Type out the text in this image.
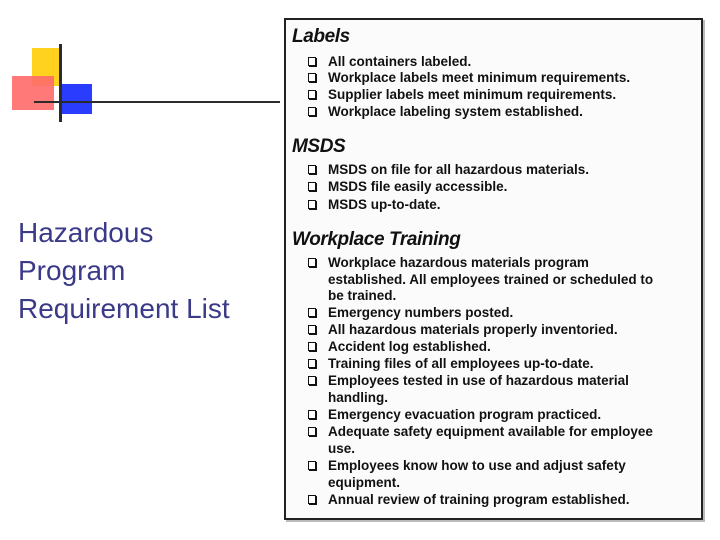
Hazardous
Program
Requirement List
Labels
All containers labeled.
Workplace labels meet minimum requirements.
Supplier labels meet minimum requirements.
Workplace labeling system established.
MSDS
MSDS on file for all hazardous materials.
MSDS file easily accessible.
MSDS up-to-date.
Workplace Training
Workplace hazardous materials program
established. All employees trained or scheduled to
be trained.
Emergency numbers posted.
All hazardous materials properly inventoried.
Accident log established.
Training files of all employees up-to-date.
Employees tested in use of hazardous material
handling.
Emergency evacuation program practiced.
Adequate safety equipment available for employee
use.
Employees know how to use and adjust safety
equipment.
Annual review of training program established.
